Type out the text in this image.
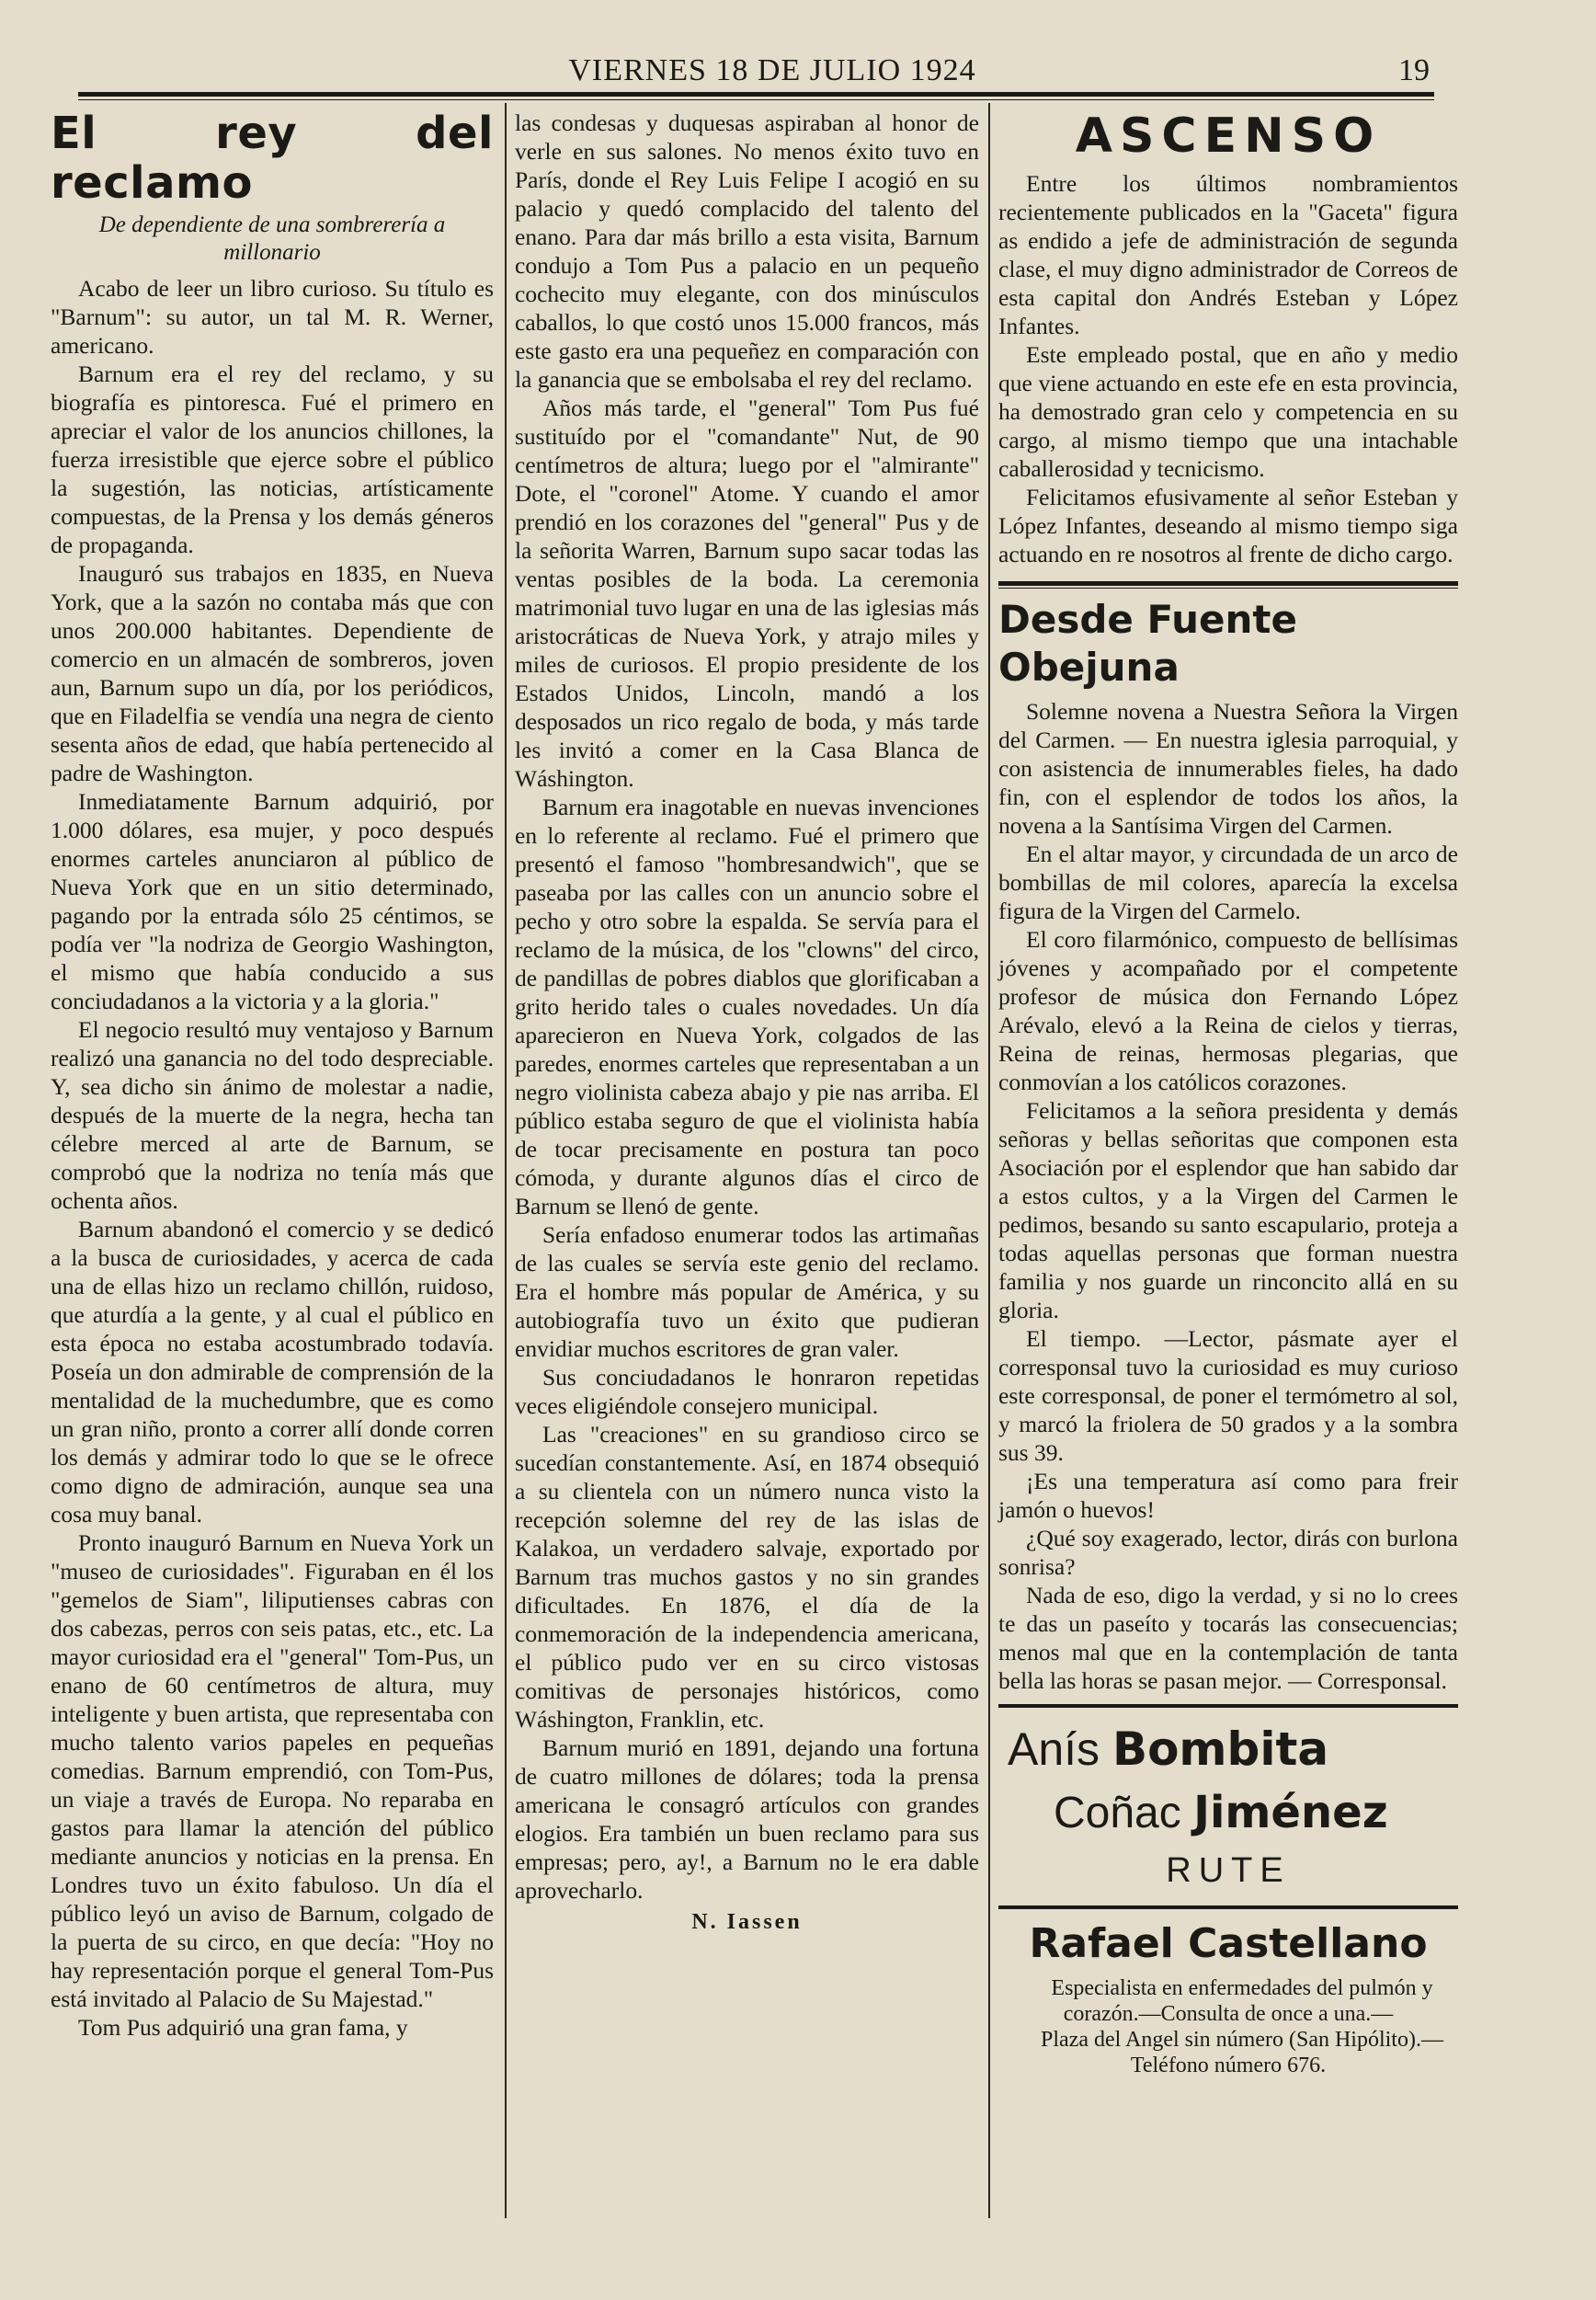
VIERNES 18 DE JULIO 1924	19
El rey del reclamo
De dependiente de una sombrerería a millonario

Acabo de leer un libro curioso. Su título es "Barnum": su autor, un tal M. R. Werner, americano.

Barnum era el rey del reclamo, y su biografía es pintoresca. Fué el primero en apreciar el valor de los anuncios chillones, la fuerza irresistible que ejerce sobre el público la sugestión, las noticias, artísticamente compuestas, de la Prensa y los demás géneros de propaganda.

Inauguró sus trabajos en 1835, en Nueva York, que a la sazón no contaba más que con unos 200.000 habitantes. Dependiente de comercio en un almacén de sombreros, joven aun, Barnum supo un día, por los periódicos, que en Filadelfia se vendía una negra de ciento sesenta años de edad, que había pertenecido al padre de Washington.

Inmediatamente Barnum adquirió, por 1.000 dólares, esa mujer, y poco después enormes carteles anunciaron al público de Nueva York que en un sitio determinado, pagando por la entrada sólo 25 céntimos, se podía ver "la nodriza de Georgio Washington, el mismo que había conducido a sus conciudadanos a la victoria y a la gloria."

El negocio resultó muy ventajoso y Barnum realizó una ganancia no del todo despreciable. Y, sea dicho sin ánimo de molestar a nadie, después de la muerte de la negra, hecha tan célebre merced al arte de Barnum, se comprobó que la nodriza no tenía más que ochenta años.

Barnum abandonó el comercio y se dedicó a la busca de curiosidades, y acerca de cada una de ellas hizo un reclamo chillón, ruidoso, que aturdía a la gente, y al cual el público en esta época no estaba acostumbrado todavía. Poseía un don admirable de comprensión de la mentalidad de la muchedumbre, que es como un gran niño, pronto a correr allí donde corren los demás y admirar todo lo que se le ofrece como digno de admiración, aunque sea una cosa muy banal.

Pronto inauguró Barnum en Nueva York un "museo de curiosidades". Figuraban en él los "gemelos de Siam", liliputienses cabras con dos cabezas, perros con seis patas, etc., etc. La mayor curiosidad era el "general" Tom-Pus, un enano de 60 centímetros de altura, muy inteligente y buen artista, que representaba con mucho talento varios papeles en pequeñas comedias. Barnum emprendió, con Tom-Pus, un viaje a través de Europa. No reparaba en gastos para llamar la atención del público mediante anuncios y noticias en la prensa. En Londres tuvo un éxito fabuloso. Un día el público leyó un aviso de Barnum, colgado de la puerta de su circo, en que decía: "Hoy no hay representación porque el general Tom-Pus está invitado al Palacio de Su Majestad."

Tom Pus adquirió una gran fama, y

las condesas y duquesas aspiraban al honor de verle en sus salones. No menos éxito tuvo en París, donde el Rey Luis Felipe I acogió en su palacio y quedó complacido del talento del enano. Para dar más brillo a esta visita, Barnum condujo a Tom Pus a palacio en un pequeño cochecito muy elegante, con dos minúsculos caballos, lo que costó unos 15.000 francos, más este gasto era una pequeñez en comparación con la ganancia que se embolsaba el rey del reclamo.

Años más tarde, el "general" Tom Pus fué sustituído por el "comandante" Nut, de 90 centímetros de altura; luego por el "almirante" Dote, el "coronel" Atome. Y cuando el amor prendió en los corazones del "general" Pus y de la señorita Warren, Barnum supo sacar todas las ventas posibles de la boda. La ceremonia matrimonial tuvo lugar en una de las iglesias más aristocráticas de Nueva York, y atrajo miles y miles de curiosos. El propio presidente de los Estados Unidos, Lincoln, mandó a los desposados un rico regalo de boda, y más tarde les invitó a comer en la Casa Blanca de Wáshington.

Barnum era inagotable en nuevas invenciones en lo referente al reclamo. Fué el primero que presentó el famoso "hombresandwich", que se paseaba por las calles con un anuncio sobre el pecho y otro sobre la espalda. Se servía para el reclamo de la música, de los "clowns" del circo, de pandillas de pobres diablos que glorificaban a grito herido tales o cuales novedades. Un día aparecieron en Nueva York, colgados de las paredes, enormes carteles que representaban a un negro violinista cabeza abajo y pie nas arriba. El público estaba seguro de que el violinista había de tocar precisamente en postura tan poco cómoda, y durante algunos días el circo de Barnum se llenó de gente.

Sería enfadoso enumerar todos las artimañas de las cuales se servía este genio del reclamo. Era el hombre más popular de América, y su autobiografía tuvo un éxito que pudieran envidiar muchos escritores de gran valer.

Sus conciudadanos le honraron repetidas veces eligiéndole consejero municipal.

Las "creaciones" en su grandioso circo se sucedían constantemente. Así, en 1874 obsequió a su clientela con un número nunca visto la recepción solemne del rey de las islas de Kalakoa, un verdadero salvaje, exportado por Barnum tras muchos gastos y no sin grandes dificultades. En 1876, el día de la conmemoración de la independencia americana, el público pudo ver en su circo vistosas comitivas de personajes históricos, como Wáshington, Franklin, etc.

Barnum murió en 1891, dejando una fortuna de cuatro millones de dólares; toda la prensa americana le consagró artículos con grandes elogios. Era también un buen reclamo para sus empresas; pero, ay!, a Barnum no le era dable aprovecharlo.

N. Iassen
ASCENSO

Entre los últimos nombramientos recientemente publicados en la "Gaceta" figura as endido a jefe de administración de segunda clase, el muy digno administrador de Correos de esta capital don Andrés Esteban y López Infantes.

Este empleado postal, que en año y medio que viene actuando en este efe en esta provincia, ha demostrado gran celo y competencia en su cargo, al mismo tiempo que una intachable caballerosidad y tecnicismo.

Felicitamos efusivamente al señor Esteban y López Infantes, deseando al mismo tiempo siga actuando en re nosotros al frente de dicho cargo.

Desde Fuente Obejuna

Solemne novena a Nuestra Señora la Virgen del Carmen. — En nuestra iglesia parroquial, y con asistencia de innumerables fieles, ha dado fin, con el esplendor de todos los años, la novena a la Santísima Virgen del Carmen.

En el altar mayor, y circundada de un arco de bombillas de mil colores, aparecía la excelsa figura de la Virgen del Carmelo.

El coro filarmónico, compuesto de bellísimas jóvenes y acompañado por el competente profesor de música don Fernando López Arévalo, elevó a la Reina de cielos y tierras, Reina de reinas, hermosas plegarias, que conmovían a los católicos corazones.

Felicitamos a la señora presidenta y demás señoras y bellas señoritas que componen esta Asociación por el esplendor que han sabido dar a estos cultos, y a la Virgen del Carmen le pedimos, besando su santo escapulario, proteja a todas aquellas personas que forman nuestra familia y nos guarde un rinconcito allá en su gloria.

El tiempo. —Lector, pásmate ayer el corresponsal tuvo la curiosidad es muy curioso este corresponsal, de poner el termómetro al sol, y marcó la friolera de 50 grados y a la sombra sus 39.

¡Es una temperatura así como para freir jamón o huevos!

¿Qué soy exagerado, lector, dirás con burlona sonrisa?

Nada de eso, digo la verdad, y si no lo crees te das un paseíto y tocarás las consecuencias; menos mal que en la contemplación de tanta bella las horas se pasan mejor. — Corresponsal.

Anís Bombita
Coñac Jiménez
RUTE
Rafael Castellano

Especialista en enfermedades del pulmón y corazón.—Consulta de once a una.—

Plaza del Angel sin número (San Hipólito).—Teléfono número 676.
